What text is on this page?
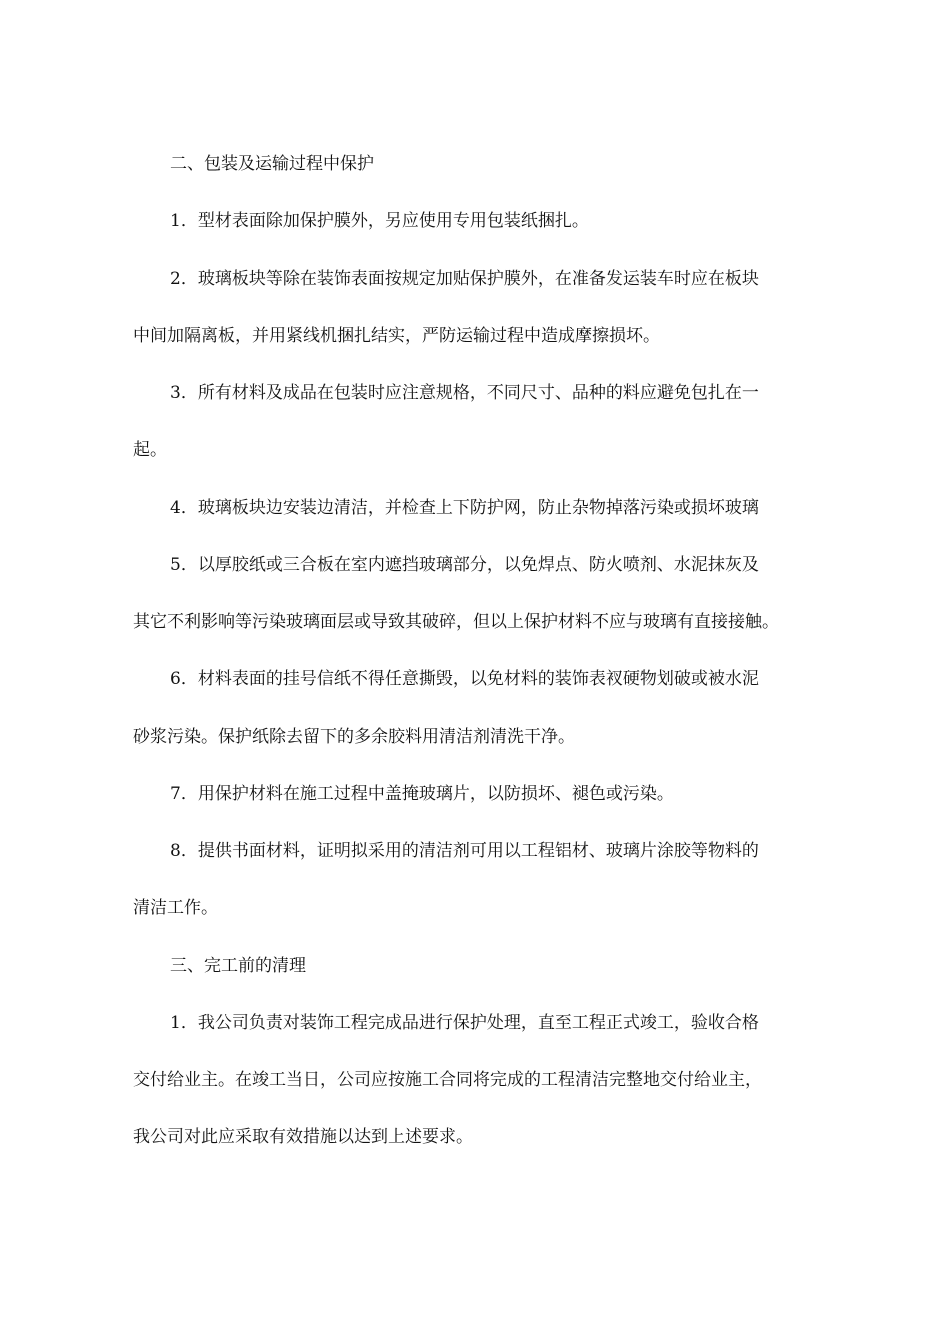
二、包装及运输过程中保护
1．型材表面除加保护膜外，另应使用专用包装纸捆扎。
2．玻璃板块等除在装饰表面按规定加贴保护膜外，在准备发运装车时应在板块
中间加隔离板，并用紧线机捆扎结实，严防运输过程中造成摩擦损坏。
3．所有材料及成品在包装时应注意规格，不同尺寸、品种的料应避免包扎在一
起。
4．玻璃板块边安装边清洁，并检查上下防护网，防止杂物掉落污染或损坏玻璃
5．以厚胶纸或三合板在室内遮挡玻璃部分，以免焊点、防火喷剂、水泥抹灰及
其它不利影响等污染玻璃面层或导致其破碎，但以上保护材料不应与玻璃有直接接触。
6．材料表面的挂号信纸不得任意撕毁，以免材料的装饰表衩硬物划破或被水泥
砂浆污染。保护纸除去留下的多余胶料用清洁剂清洗干净。
7．用保护材料在施工过程中盖掩玻璃片，以防损坏、褪色或污染。
8．提供书面材料，证明拟采用的清洁剂可用以工程铝材、玻璃片涂胶等物料的
清洁工作。
三、完工前的清理
1．我公司负责对装饰工程完成品进行保护处理，直至工程正式竣工，验收合格
交付给业主。在竣工当日，公司应按施工合同将完成的工程清洁完整地交付给业主，
我公司对此应采取有效措施以达到上述要求。
